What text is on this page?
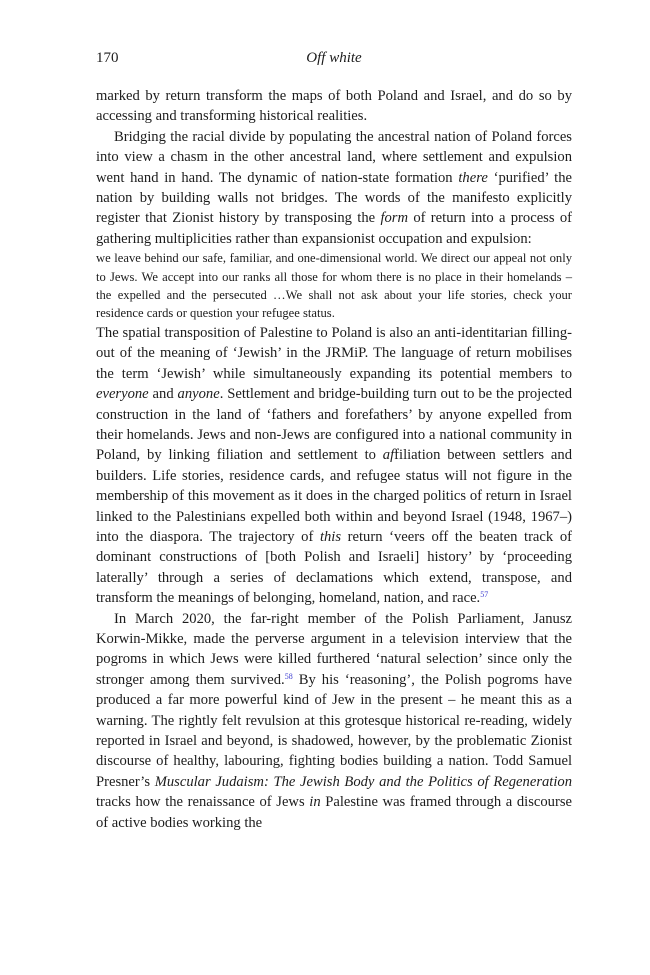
170	Off white

marked by return transform the maps of both Poland and Israel, and do so by accessing and transforming historical realities.

Bridging the racial divide by populating the ancestral nation of Poland forces into view a chasm in the other ancestral land, where settlement and expulsion went hand in hand. The dynamic of nation-state formation there ‘purified’ the nation by building walls not bridges. The words of the manifesto explicitly register that Zionist history by transposing the form of return into a process of gathering multiplicities rather than expansionist occupation and expulsion:

we leave behind our safe, familiar, and one-dimensional world. We direct our appeal not only to Jews. We accept into our ranks all those for whom there is no place in their homelands – the expelled and the persecuted …We shall not ask about your life stories, check your residence cards or question your refugee status.

The spatial transposition of Palestine to Poland is also an anti-identitarian filling-out of the meaning of ‘Jewish’ in the JRMiP. The language of return mobilises the term ‘Jewish’ while simultaneously expanding its potential members to everyone and anyone. Settlement and bridge-building turn out to be the projected construction in the land of ‘fathers and forefathers’ by anyone expelled from their homelands. Jews and non-Jews are configured into a national community in Poland, by linking filiation and settlement to affiliation between settlers and builders. Life stories, residence cards, and refugee status will not figure in the membership of this movement as it does in the charged politics of return in Israel linked to the Palestinians expelled both within and beyond Israel (1948, 1967–) into the diaspora. The trajectory of this return ‘veers off the beaten track of dominant constructions of [both Polish and Israeli] history’ by ‘proceeding laterally’ through a series of declamations which extend, transpose, and transform the meanings of belonging, homeland, nation, and race.$^{57}$

In March 2020, the far-right member of the Polish Parliament, Janusz Korwin-Mikke, made the perverse argument in a television interview that the pogroms in which Jews were killed furthered ‘natural selection’ since only the stronger among them survived.$^{58}$ By his ‘reasoning’, the Polish pogroms have produced a far more powerful kind of Jew in the present – he meant this as a warning. The rightly felt revulsion at this grotesque historical re-reading, widely reported in Israel and beyond, is shadowed, however, by the problematic Zionist discourse of healthy, labouring, fighting bodies building a nation. Todd Samuel Presner’s Muscular Judaism: The Jewish Body and the Politics of Regeneration tracks how the renaissance of Jews in Palestine was framed through a discourse of active bodies working the
